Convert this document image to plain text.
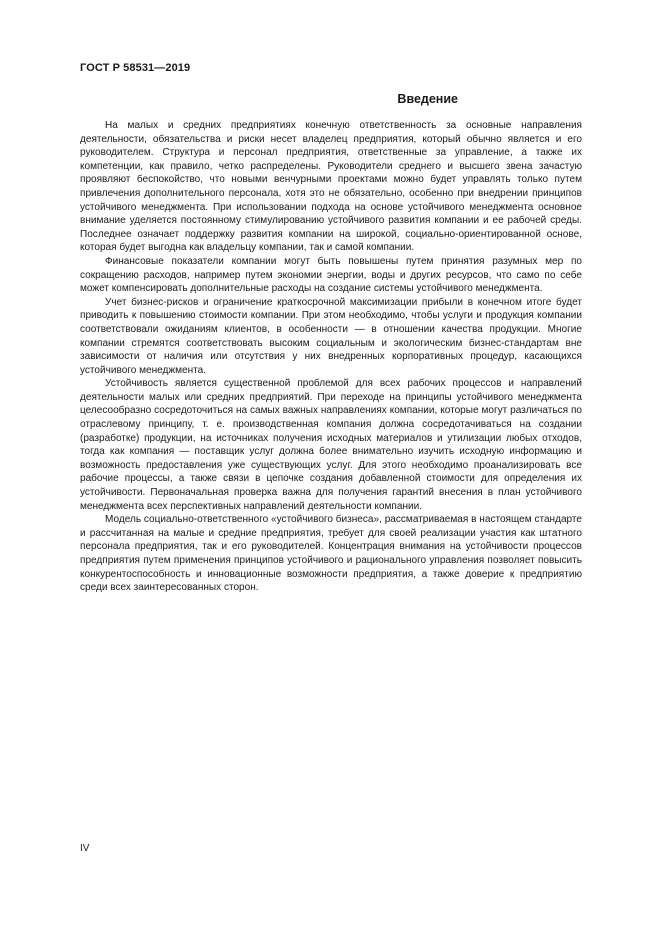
ГОСТ Р 58531—2019
Введение

На малых и средних предприятиях конечную ответственность за основные направления деятельности, обязательства и риски несет владелец предприятия, который обычно является и его руководителем. Структура и персонал предприятия, ответственные за управление, а также их компетенции, как правило, четко распределены. Руководители среднего и высшего звена зачастую проявляют беспокойство, что новыми венчурными проектами можно будет управлять только путем привлечения дополнительного персонала, хотя это не обязательно, особенно при внедрении принципов устойчивого менеджмента. При использовании подхода на основе устойчивого менеджмента основное внимание уделяется постоянному стимулированию устойчивого развития компании и ее рабочей среды. Последнее означает поддержку развития компании на широкой, социально-ориентированной основе, которая будет выгодна как владельцу компании, так и самой компании.

Финансовые показатели компании могут быть повышены путем принятия разумных мер по сокращению расходов, например путем экономии энергии, воды и других ресурсов, что само по себе может компенсировать дополнительные расходы на создание системы устойчивого менеджмента.

Учет бизнес-рисков и ограничение краткосрочной максимизации прибыли в конечном итоге будет приводить к повышению стоимости компании. При этом необходимо, чтобы услуги и продукция компании соответствовали ожиданиям клиентов, в особенности — в отношении качества продукции. Многие компании стремятся соответствовать высоким социальным и экологическим бизнес-стандартам вне зависимости от наличия или отсутствия у них внедренных корпоративных процедур, касающихся устойчивого менеджмента.

Устойчивость является существенной проблемой для всех рабочих процессов и направлений деятельности малых или средних предприятий. При переходе на принципы устойчивого менеджмента целесообразно сосредоточиться на самых важных направлениях компании, которые могут различаться по отраслевому принципу, т. е. производственная компания должна сосредотачиваться на создании (разработке) продукции, на источниках получения исходных материалов и утилизации любых отходов, тогда как компания — поставщик услуг должна более внимательно изучить исходную информацию и возможность предоставления уже существующих услуг. Для этого необходимо проанализировать все рабочие процессы, а также связи в цепочке создания добавленной стоимости для определения их устойчивости. Первоначальная проверка важна для получения гарантий внесения в план устойчивого менеджмента всех перспективных направлений деятельности компании.

Модель социально-ответственного «устойчивого бизнеса», рассматриваемая в настоящем стандарте и рассчитанная на малые и средние предприятия, требует для своей реализации участия как штатного персонала предприятия, так и его руководителей. Концентрация внимания на устойчивости процессов предприятия путем применения принципов устойчивого и рационального управления позволяет повысить конкурентоспособность и инновационные возможности предприятия, а также доверие к предприятию среди всех заинтересованных сторон.

IV
